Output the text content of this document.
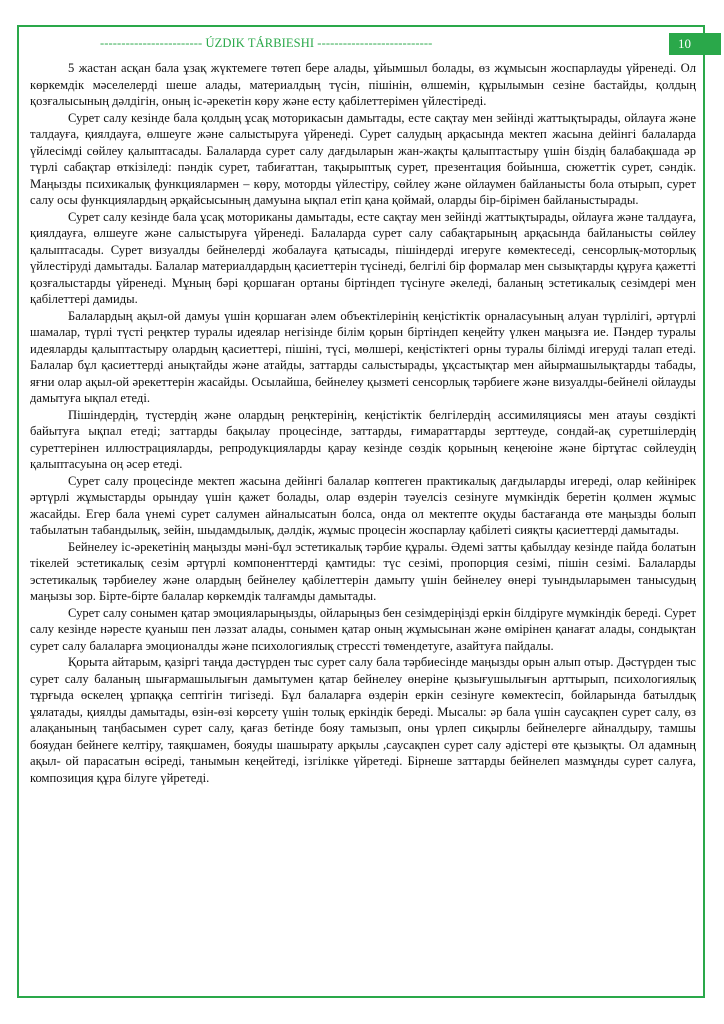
------------------------ ÚZDIK TÁRBIESHI ---------------------------	10

5 жастан асқан бала ұзақ жүктемеге төтеп бере алады, ұйымшыл болады, өз жұмысын жоспарлауды үйренеді. Ол көркемдік мәселелерді шеше алады, материалдың түсін, пішінін, өлшемін, құрылымын сезіне бастайды, қолдың қозғалысының дәлдігін, оның іс-әрекетін көру және есту қабілеттерімен үйлестіреді.

Сурет салу кезінде бала қолдың ұсақ моторикасын дамытады, есте сақтау мен зейінді жаттықтырады, ойлауға және талдауға, қиялдауға, өлшеуге және салыстыруға үйренеді. Сурет салудың арқасында мектеп жасына дейінгі балаларда үйлесімді сөйлеу қалыптасады. Балаларда сурет салу дағдыларын жан-жақты қалыптастыру үшін біздің балабақшада әр түрлі сабақтар өткізіледі: пәндік сурет, табиғаттан, тақырыптық сурет, презентация бойынша, сюжеттік сурет, сәндік. Маңызды психикалық функциялармен – көру, моторды үйлестіру, сөйлеу және ойлаумен байланысты бола отырып, сурет салу осы функциялардың әрқайсысының дамуына ықпал етіп қана қоймай, оларды бір-бірімен байланыстырады.

Сурет салу кезінде бала ұсақ моториканы дамытады, есте сақтау мен зейінді жаттықтырады, ойлауға және талдауға, қиялдауға, өлшеуге және салыстыруға үйренеді. Балаларда сурет салу сабақтарының арқасында байланысты сөйлеу қалыптасады. Сурет визуалды бейнелерді жобалауға қатысады, пішіндерді игеруге көмектеседі, сенсорлық-моторлық үйлестіруді дамытады. Балалар материалдардың қасиеттерін түсінеді, белгілі бір формалар мен сызықтарды құруға қажетті қозғалыстарды үйренеді. Мұның бәрі қоршаған ортаны біртіндеп түсінуге әкеледі, баланың эстетикалық сезімдері мен қабілеттері дамиды.

Балалардың ақыл-ой дамуы үшін қоршаған әлем объектілерінің кеңістіктік орналасуының алуан түрлілігі, әртүрлі шамалар, түрлі түсті реңктер туралы идеялар негізінде білім қорын біртіндеп кеңейту үлкен маңызға ие. Пәндер туралы идеяларды қалыптастыру олардың қасиеттері, пішіні, түсі, мөлшері, кеңістіктегі орны туралы білімді игеруді талап етеді. Балалар бұл қасиеттерді анықтайды және атайды, заттарды салыстырады, ұқсастықтар мен айырмашылықтарды табады, яғни олар ақыл-ой әрекеттерін жасайды. Осылайша, бейнелеу қызметі сенсорлық тәрбиеге және визуалды-бейнелі ойлауды дамытуға ықпал етеді.

Пішіндердің, түстердің және олардың реңктерінің, кеңістіктік белгілердің ассимиляциясы мен атауы сөздікті байытуға ықпал етеді; заттарды бақылау процесінде, заттарды, ғимараттарды зерттеуде, сондай-ақ суретшілердің суреттерінен иллюстрацияларды, репродукцияларды қарау кезінде сөздік қорының кеңеюіне және біртұтас сөйлеудің қалыптасуына оң әсер етеді.

Сурет салу процесінде мектеп жасына дейінгі балалар көптеген практикалық дағдыларды игереді, олар кейінірек әртүрлі жұмыстарды орындау үшін қажет болады, олар өздерін тәуелсіз сезінуге мүмкіндік беретін қолмен жұмыс жасайды. Егер бала үнемі сурет салумен айналысатын болса, онда ол мектепте оқуды бастағанда өте маңызды болып табылатын табандылық, зейін, шыдамдылық, дәлдік, жұмыс процесін жоспарлау қабілеті сияқты қасиеттерді дамытады.

Бейнелеу іс-әрекетінің маңызды мәні-бұл эстетикалық тәрбие құралы. Әдемі затты қабылдау кезінде пайда болатын тікелей эстетикалық сезім әртүрлі компоненттерді қамтиды: түс сезімі, пропорция сезімі, пішін сезімі. Балаларды эстетикалық тәрбиелеу және олардың бейнелеу қабілеттерін дамыту үшін бейнелеу өнері туындыларымен танысудың маңызы зор. Бірте-бірте балалар көркемдік талғамды дамытады.

Сурет салу сонымен қатар эмоцияларыңызды, ойларыңыз бен сезімдеріңізді еркін білдіруге мүмкіндік береді. Сурет салу кезінде нәресте қуаныш пен ләззат алады, сонымен қатар оның жұмысынан және өмірінен қанағат алады, сондықтан сурет салу балаларға эмоционалды және психологиялық стрессті төмендетуге, азайтуға пайдалы.

Қорыта айтарым, қазіргі таңда дәстүрден тыс сурет салу бала тәрбиесінде маңызды орын алып отыр. Дәстүрден тыс сурет салу баланың шығармашылығын дамытумен қатар бейнелеу өнеріне қызығушылығын арттырып, психологиялық тұрғыда өскелең ұрпаққа септігін тигізеді. Бұл балаларға өздерін еркін сезінуге көмектесіп, бойларында батылдық ұялатады, қиялды дамытады, өзін-өзі көрсету үшін толық еркіндік береді. Мысалы: әр бала үшін саусақпен сурет салу, өз алақанының таңбасымен сурет салу, қағаз бетінде бояу тамызып, оны үрлеп сиқырлы бейнелерге айналдыру, тамшы бояудан бейнеге келтіру, таяқшамен, бояуды шашырату арқылы ,саусақпен сурет салу әдістері өте қызықты. Ол адамның ақыл- ой парасатын өсіреді, танымын кеңейтеді, ізгілікке үйретеді. Бірнеше заттарды бейнелеп мазмұнды сурет салуға, композиция құра білуге үйретеді.
